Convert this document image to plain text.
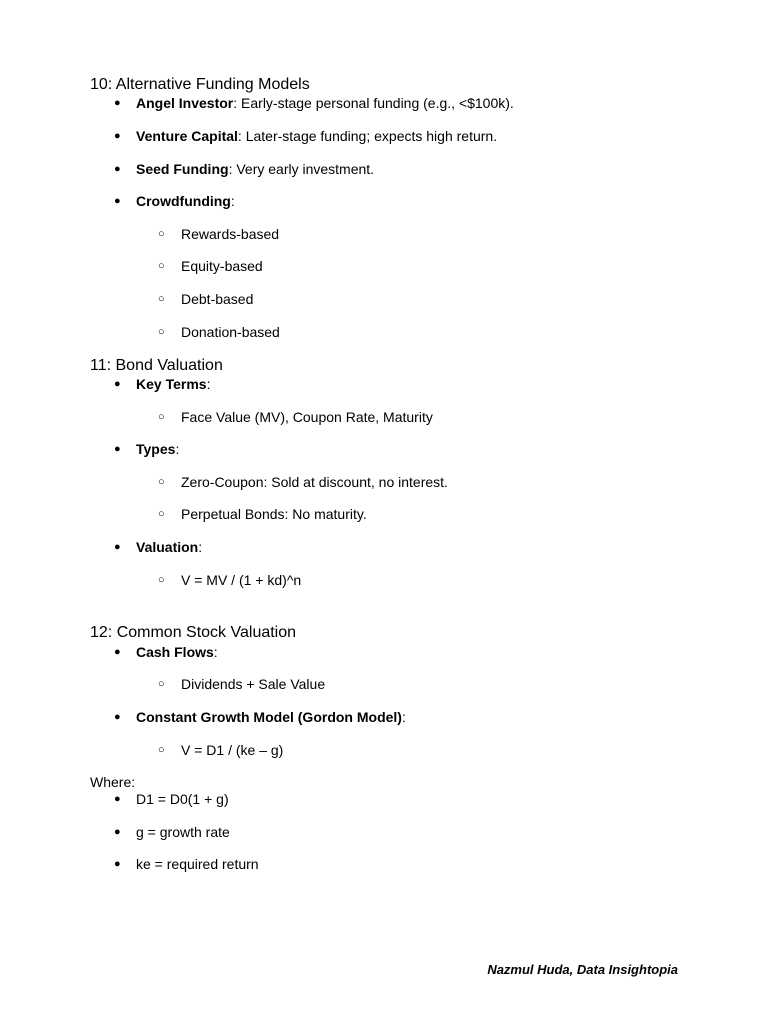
10: Alternative Funding Models
● Angel Investor: Early-stage personal funding (e.g., <$100k).
● Venture Capital: Later-stage funding; expects high return.
● Seed Funding: Very early investment.
● Crowdfunding:
○ Rewards-based
○ Equity-based
○ Debt-based
○ Donation-based
11: Bond Valuation
● Key Terms:
○ Face Value (MV), Coupon Rate, Maturity
● Types:
○ Zero-Coupon: Sold at discount, no interest.
○ Perpetual Bonds: No maturity.
● Valuation:
○ V = MV / (1 + kd)^n
12: Common Stock Valuation
● Cash Flows:
○ Dividends + Sale Value
● Constant Growth Model (Gordon Model):
○ V = D1 / (ke – g)
Where:
● D1 = D0(1 + g)
● g = growth rate
● ke = required return
Nazmul Huda, Data Insightopia
